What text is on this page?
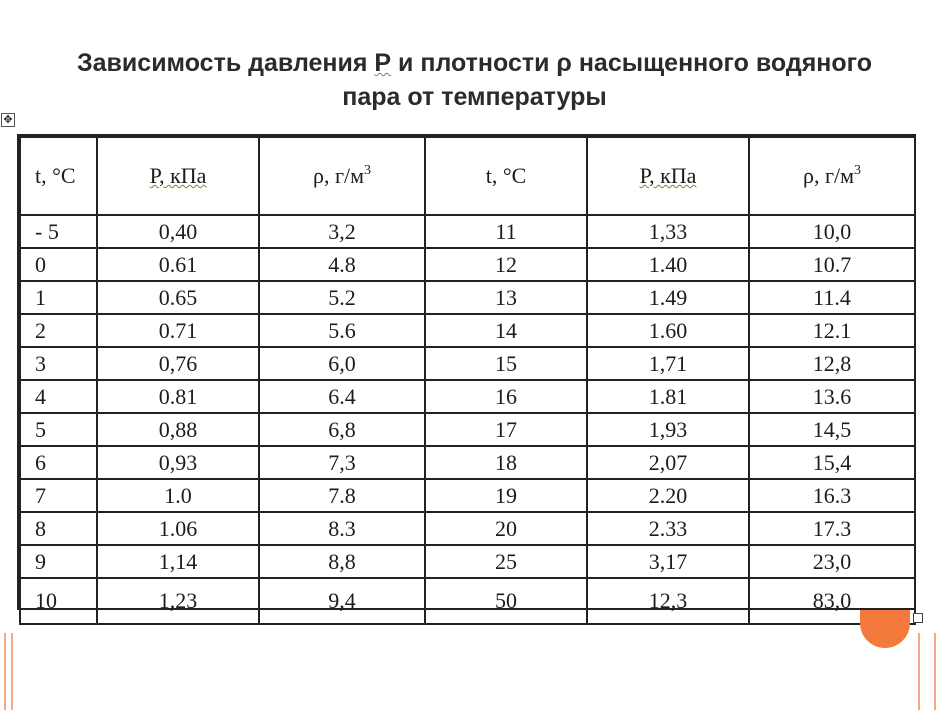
Зависимость давления Р и плотности ρ насыщенного водяного
пара от температуры
✥
t, °C	Р, кПа	ρ, $г/м^3$	t, °C	Р, кПа	ρ, $г/м^3$
- 5	0,40	3,2	11	1,33	10,0
0	0.61	4.8	12	1.40	10.7
1	0.65	5.2	13	1.49	11.4
2	0.71	5.6	14	1.60	12.1
3	0,76	6,0	15	1,71	12,8
4	0.81	6.4	16	1.81	13.6
5	0,88	6,8	17	1,93	14,5
6	0,93	7,3	18	2,07	15,4
7	1.0	7.8	19	2.20	16.3
8	1.06	8.3	20	2.33	17.3
9	1,14	8,8	25	3,17	23,0
10	1,23	9,4	50	12,3	83,0
